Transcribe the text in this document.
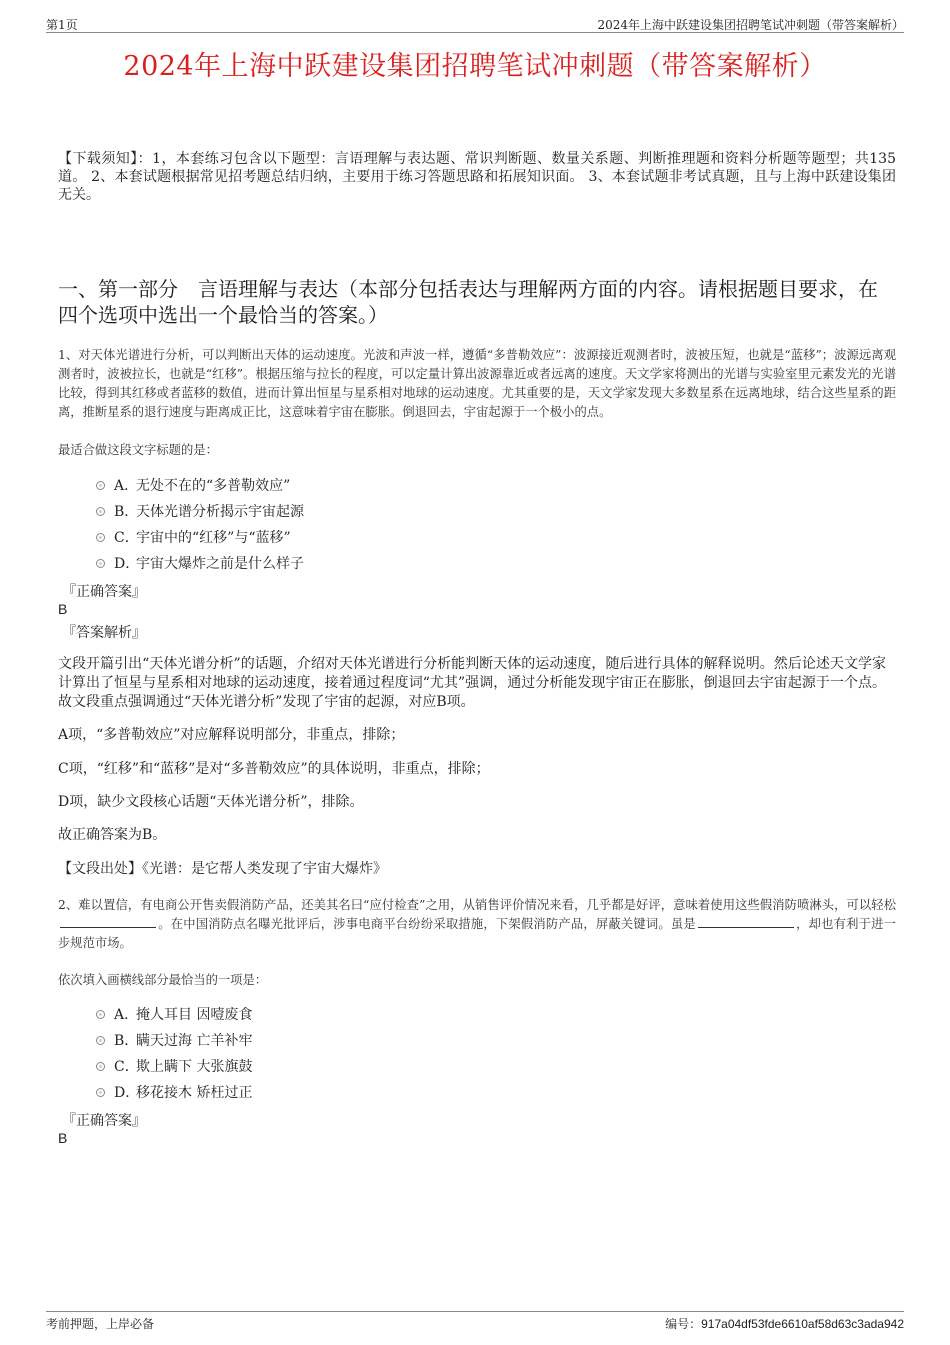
第1页	2024年上海中跃建设集团招聘笔试冲刺题（带答案解析）
2024年上海中跃建设集团招聘笔试冲刺题（带答案解析）
【下载须知】：1，本套练习包含以下题型：言语理解与表达题、常识判断题、数量关系题、判断推理题和资料分析题等题型；共135道。 2、本套试题根据常见招考题总结归纳，主要用于练习答题思路和拓展知识面。 3、本套试题非考试真题，且与上海中跃建设集团无关。
一、第一部分　言语理解与表达（本部分包括表达与理解两方面的内容。请根据题目要求，在四个选项中选出一个最恰当的答案。）
1、对天体光谱进行分析，可以判断出天体的运动速度。光波和声波一样，遵循“多普勒效应”：波源接近观测者时，波被压短，也就是“蓝移”；波源远离观测者时，波被拉长，也就是“红移”。根据压缩与拉长的程度，可以定量计算出波源靠近或者远离的速度。天文学家将测出的光谱与实验室里元素发光的光谱比较，得到其红移或者蓝移的数值，进而计算出恒星与星系相对地球的运动速度。尤其重要的是，天文学家发现大多数星系在远离地球，结合这些星系的距离，推断星系的退行速度与距离成正比，这意味着宇宙在膨胀。倒退回去，宇宙起源于一个极小的点。
最适合做这段文字标题的是：
A．无处不在的“多普勒效应”
B．天体光谱分析揭示宇宙起源
C．宇宙中的“红移”与“蓝移”
D．宇宙大爆炸之前是什么样子
『正确答案』
B
『答案解析』
文段开篇引出“天体光谱分析”的话题，介绍对天体光谱进行分析能判断天体的运动速度，随后进行具体的解释说明。然后论述天文学家计算出了恒星与星系相对地球的运动速度，接着通过程度词“尤其”强调，通过分析能发现宇宙正在膨胀，倒退回去宇宙起源于一个点。故文段重点强调通过“天体光谱分析”发现了宇宙的起源，对应B项。
A项，“多普勒效应”对应解释说明部分，非重点，排除；
C项，“红移”和“蓝移”是对“多普勒效应”的具体说明，非重点，排除；
D项，缺少文段核心话题“天体光谱分析”，排除。
故正确答案为B。
【文段出处】《光谱：是它帮人类发现了宇宙大爆炸》
2、难以置信，有电商公开售卖假消防产品，还美其名曰“应付检查”之用，从销售评价情况来看，几乎都是好评，意味着使用这些假消防喷淋头，可以轻松。在中国消防点名曝光批评后，涉事电商平台纷纷采取措施，下架假消防产品，屏蔽关键词。虽是	，却也有利于进一步规范市场。
依次填入画横线部分最恰当的一项是：
A．掩人耳目 因噎废食
B．瞒天过海 亡羊补牢
C．欺上瞒下 大张旗鼓
D．移花接木 矫枉过正
『正确答案』
B
考前押题，上岸必备	编号：917a04df53fde6610af58d63c3ada942
